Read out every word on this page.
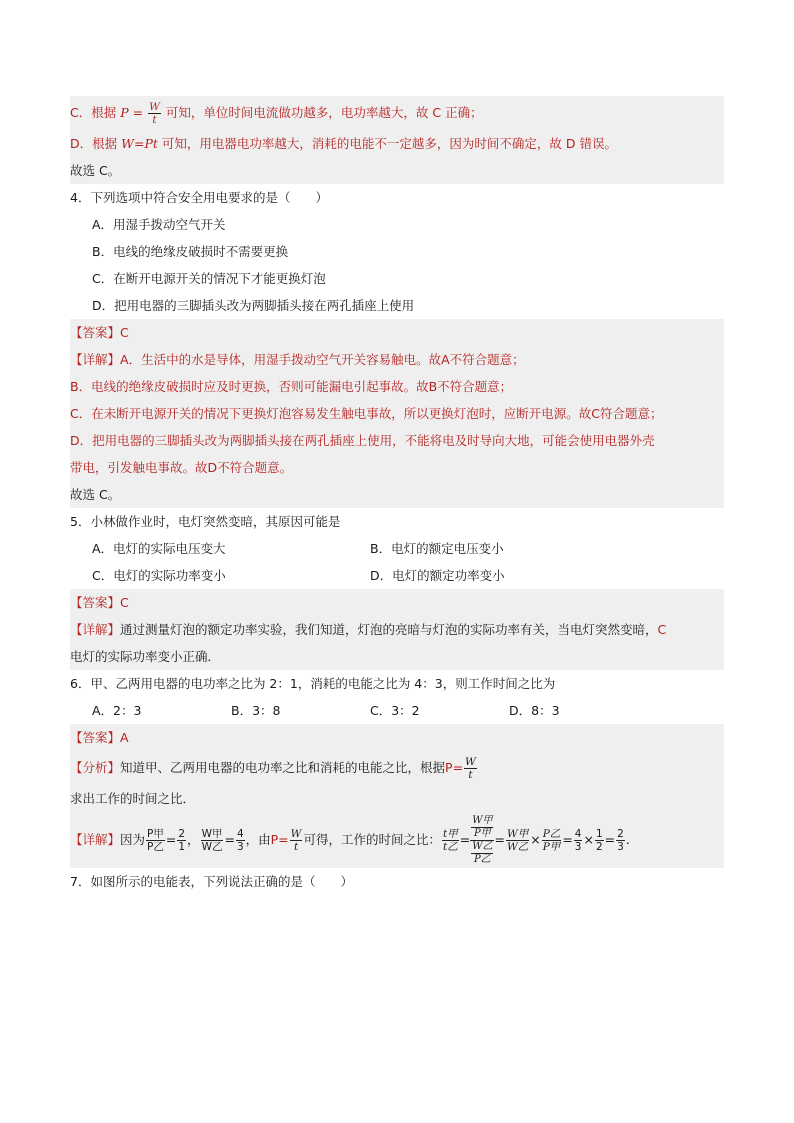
C．根据 $P = \frac{W}{t}$ 可知，单位时间电流做功越多，电功率越大，故 C 正确；
D．根据 W=Pt 可知，用电器电功率越大，消耗的电能不一定越多，因为时间不确定，故 D 错误。
故选 C。
4．下列选项中符合安全用电要求的是（　　）
A．用湿手拨动空气开关
B．电线的绝缘皮破损时不需要更换
C．在断开电源开关的情况下才能更换灯泡
D．把用电器的三脚插头改为两脚插头接在两孔插座上使用
【答案】C
【详解】A．生活中的水是导体，用湿手拨动空气开关容易触电。故A不符合题意；
B．电线的绝缘皮破损时应及时更换，否则可能漏电引起事故。故B不符合题意；
C．在未断开电源开关的情况下更换灯泡容易发生触电事故，所以更换灯泡时，应断开电源。故C符合题意；
D．把用电器的三脚插头改为两脚插头接在两孔插座上使用，不能将电及时导向大地，可能会使用电器外壳
带电，引发触电事故。故D不符合题意。
故选 C。
5．小林做作业时，电灯突然变暗，其原因可能是
A．电灯的实际电压变大	B．电灯的额定电压变小
C．电灯的实际功率变小	D．电灯的额定功率变小
【答案】C
【详解】通过测量灯泡的额定功率实验，我们知道，灯泡的亮暗与灯泡的实际功率有关，当电灯突然变暗，C
电灯的实际功率变小正确．
6．甲、乙两用电器的电功率之比为 2：1，消耗的电能之比为 4：3，则工作时间之比为
A．2：3	B．3：8	C．3：2	D．8：3
【答案】A
【分析】知道甲、乙两用电器的电功率之比和消耗的电能之比，根据$P= \frac{W}{t}$
求出工作的时间之比．
【详解】因为 P甲
P乙 = $\frac{2}{1}$ ， W甲
W乙 = $\frac{4}{3}$ ，由$P= \frac{W}{t}$ 可得，工作的时间之比： t甲
t乙 =
W甲
P甲
W乙
P乙
= W甲
W乙 × P乙
P甲 = $\frac{4}{3} \times \frac{1}{2} = \frac{2}{3}$ .
7．如图所示的电能表，下列说法正确的是（　　）
